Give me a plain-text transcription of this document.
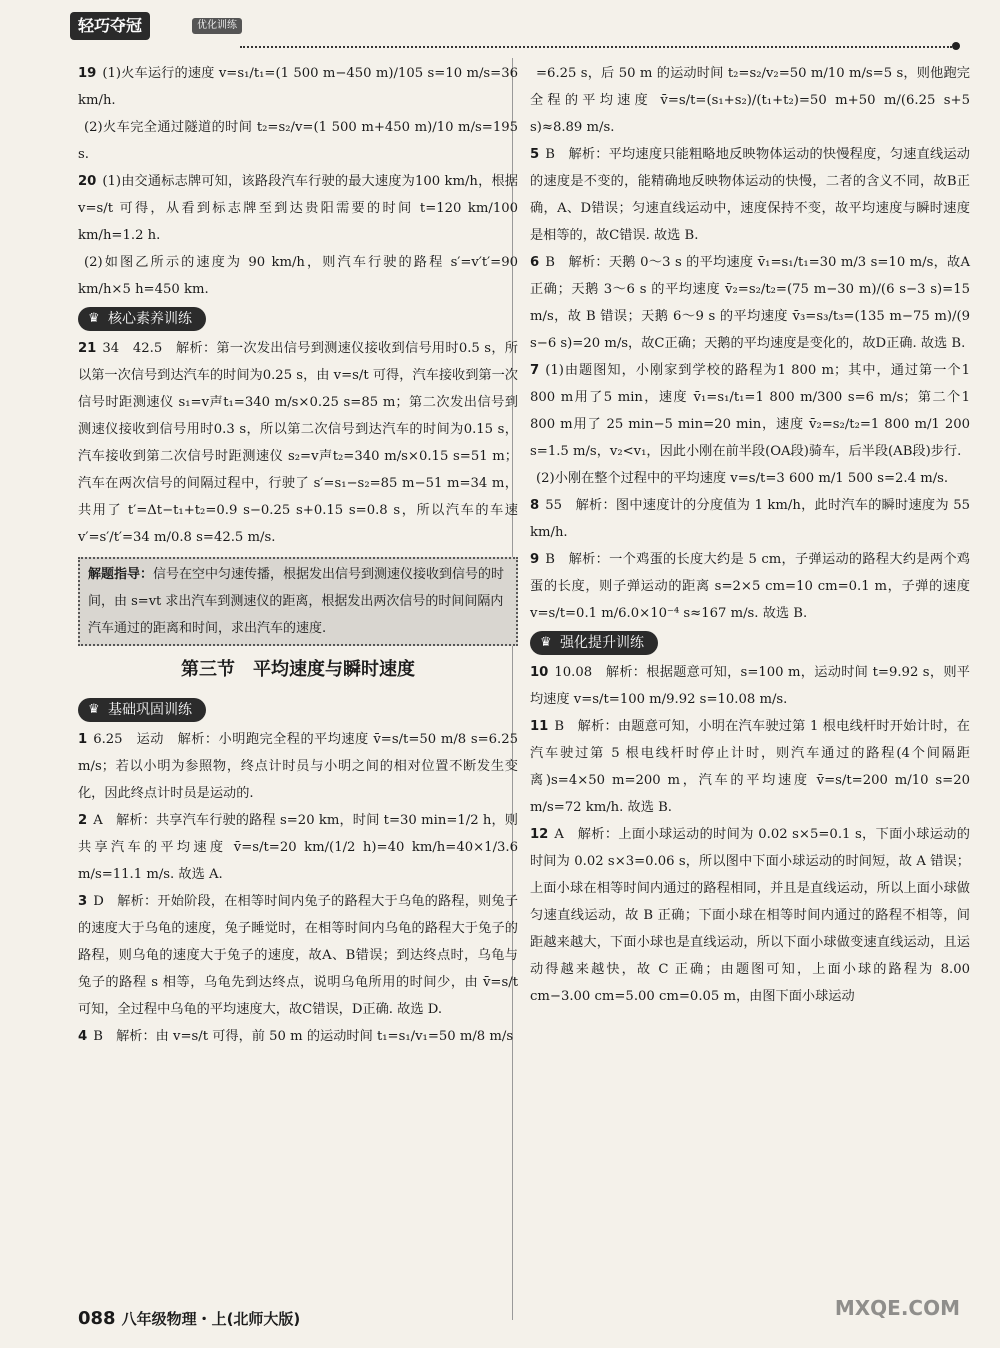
轻巧夺冠	优化训练

19 (1)火车运行的速度 v=s₁/t₁=(1 500 m−450 m)/105 s=10 m/s=36 km/h.

(2)火车完全通过隧道的时间 t₂=s₂/v=(1 500 m+450 m)/10 m/s=195 s.

20 (1)由交通标志牌可知，该路段汽车行驶的最大速度为100 km/h，根据 v=s/t 可得，从看到标志牌至到达贵阳需要的时间 t=120 km/100 km/h=1.2 h.

(2)如图乙所示的速度为 90 km/h，则汽车行驶的路程 s′=v′t′=90 km/h×5 h=450 km.

♛ 核心素养训练

21 34　42.5　解析：第一次发出信号到测速仪接收到信号用时0.5 s，所以第一次信号到达汽车的时间为0.25 s，由 v=s/t 可得，汽车接收到第一次信号时距测速仪 s₁=v声t₁=340 m/s×0.25 s=85 m；第二次发出信号到测速仪接收到信号用时0.3 s，所以第二次信号到达汽车的时间为0.15 s，汽车接收到第二次信号时距测速仪 s₂=v声t₂=340 m/s×0.15 s=51 m；汽车在两次信号的间隔过程中，行驶了 s′=s₁−s₂=85 m−51 m=34 m，共用了 t′=Δt−t₁+t₂=0.9 s−0.25 s+0.15 s=0.8 s，所以汽车的车速 v′=s′/t′=34 m/0.8 s=42.5 m/s.

解题指导：信号在空中匀速传播，根据发出信号到测速仪接收到信号的时间，由 s=vt 求出汽车到测速仪的距离，根据发出两次信号的时间间隔内汽车通过的距离和时间，求出汽车的速度.
第三节　平均速度与瞬时速度
♛ 基础巩固训练

1 6.25　运动　解析：小明跑完全程的平均速度 v̄=s/t=50 m/8 s=6.25 m/s；若以小明为参照物，终点计时员与小明之间的相对位置不断发生变化，因此终点计时员是运动的.

2 A　解析：共享汽车行驶的路程 s=20 km，时间 t=30 min=1/2 h，则共享汽车的平均速度 v̄=s/t=20 km/(1/2 h)=40 km/h=40×1/3.6 m/s=11.1 m/s. 故选 A.

3 D　解析：开始阶段，在相等时间内兔子的路程大于乌龟的路程，则兔子的速度大于乌龟的速度，兔子睡觉时，在相等时间内乌龟的路程大于兔子的路程，则乌龟的速度大于兔子的速度，故A、B错误；到达终点时，乌龟与兔子的路程 s 相等，乌龟先到达终点，说明乌龟所用的时间少，由 v̄=s/t 可知，全过程中乌龟的平均速度大，故C错误，D正确. 故选 D.

4 B　解析：由 v=s/t 可得，前 50 m 的运动时间 t₁=s₁/v₁=50 m/8 m/s

=6.25 s，后 50 m 的运动时间 t₂=s₂/v₂=50 m/10 m/s=5 s，则他跑完全程的平均速度 v̄=s/t=(s₁+s₂)/(t₁+t₂)=50 m+50 m/(6.25 s+5 s)≈8.89 m/s.

5 B　解析：平均速度只能粗略地反映物体运动的快慢程度，匀速直线运动的速度是不变的，能精确地反映物体运动的快慢，二者的含义不同，故B正确，A、D错误；匀速直线运动中，速度保持不变，故平均速度与瞬时速度是相等的，故C错误. 故选 B.

6 B　解析：天鹅 0～3 s 的平均速度 v̄₁=s₁/t₁=30 m/3 s=10 m/s，故A正确；天鹅 3～6 s 的平均速度 v̄₂=s₂/t₂=(75 m−30 m)/(6 s−3 s)=15 m/s，故 B 错误；天鹅 6～9 s 的平均速度 v̄₃=s₃/t₃=(135 m−75 m)/(9 s−6 s)=20 m/s，故C正确；天鹅的平均速度是变化的，故D正确. 故选 B.

7 (1)由题图知，小刚家到学校的路程为1 800 m；其中，通过第一个1 800 m用了5 min，速度 v̄₁=s₁/t₁=1 800 m/300 s=6 m/s；第二个1 800 m用了 25 min−5 min=20 min，速度 v̄₂=s₂/t₂=1 800 m/1 200 s=1.5 m/s，v₂<v₁，因此小刚在前半段(OA段)骑车，后半段(AB段)步行.

(2)小刚在整个过程中的平均速度 v=s/t=3 600 m/1 500 s=2.4 m/s.

8 55　解析：图中速度计的分度值为 1 km/h，此时汽车的瞬时速度为 55 km/h.

9 B　解析：一个鸡蛋的长度大约是 5 cm，子弹运动的路程大约是两个鸡蛋的长度，则子弹运动的距离 s=2×5 cm=10 cm=0.1 m，子弹的速度 v=s/t=0.1 m/6.0×10⁻⁴ s≈167 m/s. 故选 B.

♛ 强化提升训练

10 10.08　解析：根据题意可知，s=100 m，运动时间 t=9.92 s，则平均速度 v=s/t=100 m/9.92 s=10.08 m/s.

11 B　解析：由题意可知，小明在汽车驶过第 1 根电线杆时开始计时，在汽车驶过第 5 根电线杆时停止计时，则汽车通过的路程(4个间隔距离)s=4×50 m=200 m，汽车的平均速度 v̄=s/t=200 m/10 s=20 m/s=72 km/h. 故选 B.

12 A　解析：上面小球运动的时间为 0.02 s×5=0.1 s，下面小球运动的时间为 0.02 s×3=0.06 s，所以图中下面小球运动的时间短，故 A 错误；上面小球在相等时间内通过的路程相同，并且是直线运动，所以上面小球做匀速直线运动，故 B 正确；下面小球在相等时间内通过的路程不相等，间距越来越大，下面小球也是直线运动，所以下面小球做变速直线运动，且运动得越来越快，故 C 正确；由题图可知，上面小球的路程为 8.00 cm−3.00 cm=5.00 cm=0.05 m，由图下面小球运动

088 八年级物理・上(北师大版)	MXQE.COM
